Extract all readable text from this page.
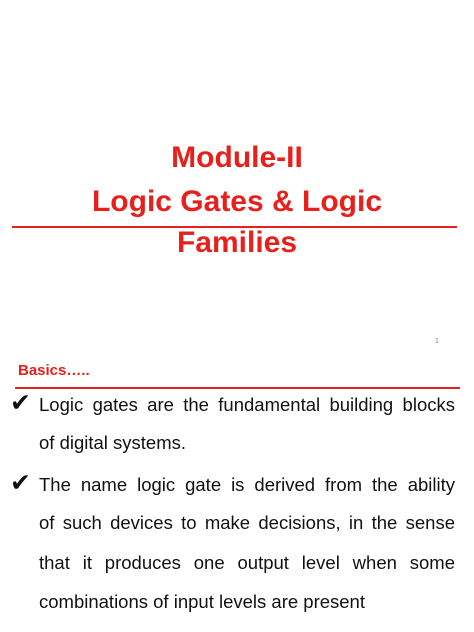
Module-II
Logic Gates & Logic
Families
1
Basics…..
✔ Logic gates are the fundamental building blocks
of digital systems.
✔ The name logic gate is derived from the ability
of such devices to make decisions, in the sense
that it produces one output level when some
combinations of input levels are present
